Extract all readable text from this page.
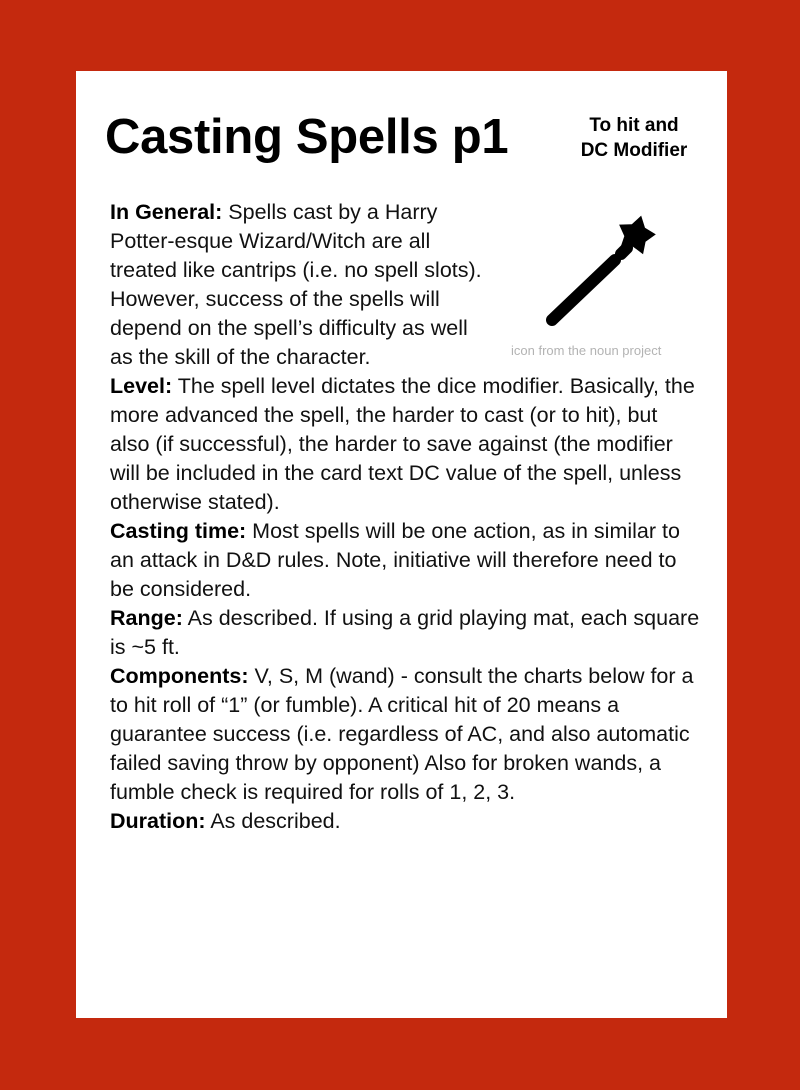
Casting Spells p1	To hit and
DC Modifier
icon from the noun project

In General: Spells cast by a Harry Potter-esque Wizard/Witch are all treated like cantrips (i.e. no spell slots). However, success of the spells will depend on the spell’s difficulty as well as the skill of the character.

Level: The spell level dictates the dice modifier. Basically, the more advanced the spell, the harder to cast (or to hit), but also (if successful), the harder to save against (the modifier will be included in the card text DC value of the spell, unless otherwise stated).

Casting time: Most spells will be one action, as in similar to an attack in D&D rules. Note, initiative will therefore need to be considered.

Range: As described. If using a grid playing mat, each square is ~5 ft.

Components: V, S, M (wand) - consult the charts below for a to hit roll of “1” (or fumble). A critical hit of 20 means a guarantee success (i.e. regardless of AC, and also automatic failed saving throw by opponent) Also for broken wands, a fumble check is required for rolls of 1, 2, 3.

Duration: As described.
